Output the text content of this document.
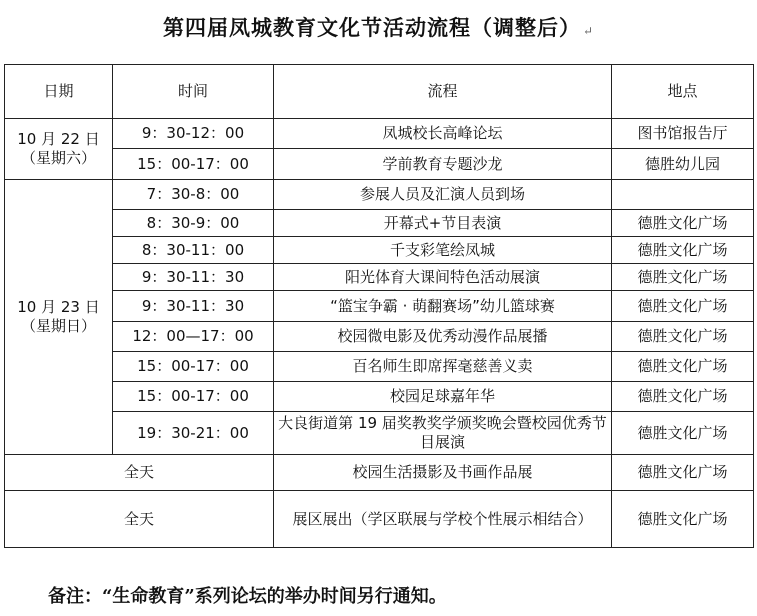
第四届凤城教育文化节活动流程（调整后） ↵
日期	时间	流程	地点

10 月 22 日
（星期六）	9：30-12：00	凤城校长高峰论坛	图书馆报告厅
	15：00-17：00	学前教育专题沙龙	德胜幼儿园

10 月 23 日
（星期日）	7：30-8：00	参展人员及汇演人员到场	
	8：30-9：00	开幕式+节目表演	德胜文化广场
	8：30-11：00	千支彩笔绘凤城	德胜文化广场
	9：30-11：30	阳光体育大课间特色活动展演	德胜文化广场
	9：30-11：30	“篮宝争霸 · 萌翻赛场”幼儿篮球赛	德胜文化广场
	12：00—17：00	校园微电影及优秀动漫作品展播	德胜文化广场
	15：00-17：00	百名师生即席挥毫慈善义卖	德胜文化广场
	15：00-17：00	校园足球嘉年华	德胜文化广场
	19：30-21：00	大良街道第 19 届奖教奖学颁奖晚会暨校园优秀节目展演	德胜文化广场
全天		校园生活摄影及书画作品展	德胜文化广场
全天		展区展出（学区联展与学校个性展示相结合）	德胜文化广场
备注：“生命教育”系列论坛的举办时间另行通知。
